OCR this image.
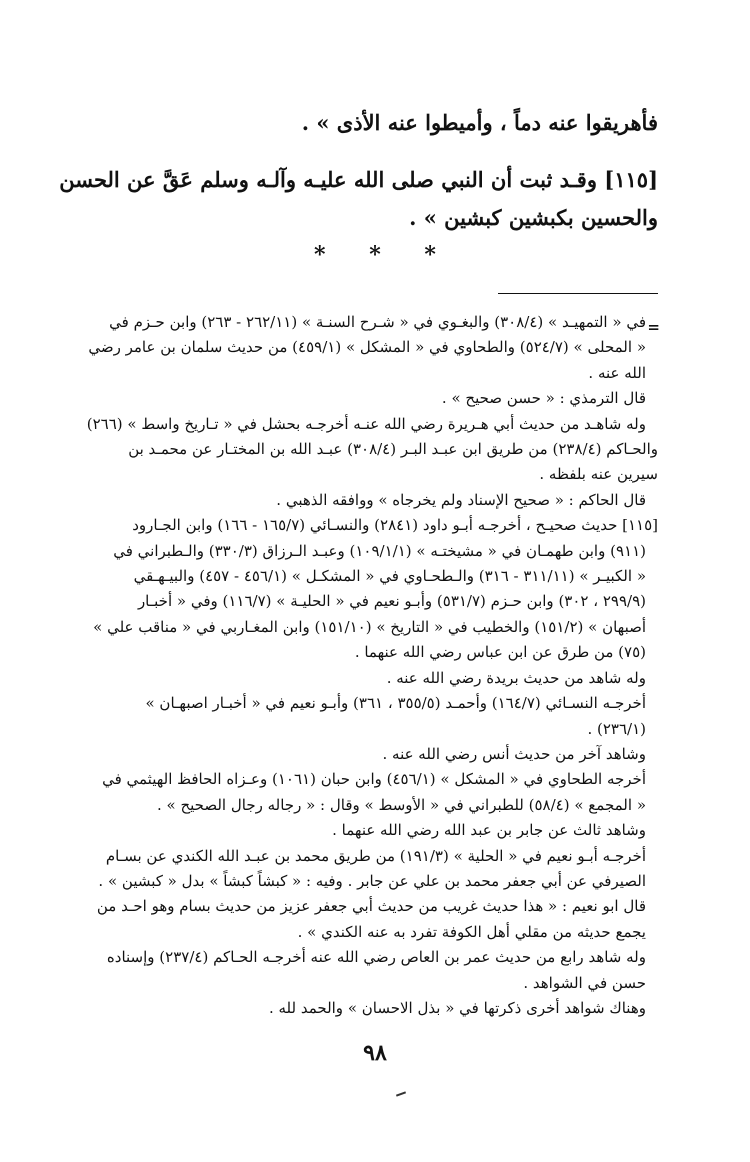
فأهريقوا عنه دماً ، وأميطوا عنه الأذى » .
[١١٥] وقـد ثبت أن النبي صلى الله عليـه وآلـه وسلم عَقَّ عن الحسن
والحسين بكبشين كبشين » .
* * *
=
في « التمهيـد » (٣٠٨/٤) والبغـوي في « شـرح السنـة » (٢٦٢/١١ - ٢٦٣) وابن حـزم في
« المحلى » (٥٢٤/٧) والطحاوي في « المشكل » (٤٥٩/١) من حديث سلمان بن عامر رضي
الله عنه .
قال الترمذي : « حسن صحيح » .
وله شاهـد من حديث أبي هـريرة رضي الله عنـه أخرجـه بحشل في « تـاريخ واسط » (٢٦٦)
والحـاكم (٢٣٨/٤) من طريق ابن عبـد البـر (٣٠٨/٤) عبـد الله بن المختـار عن محمـد بن
سيرين عنه بلفظه .
قال الحاكم : « صحيح الإسناد ولم يخرجاه » ووافقه الذهبي .
[١١٥] حديث صحيـح ، أخرجـه أبـو داود (٢٨٤١) والنسـائي (١٦٥/٧ - ١٦٦) وابن الجـارود
(٩١١) وابن طهمـان في « مشيختـه » (١٠٩/١/١) وعبـد الـرزاق (٣٣٠/٣) والـطبراني في
« الكبيـر » (٣١١/١١ - ٣١٦) والـطحـاوي في « المشكـل » (٤٥٦/١ - ٤٥٧) والبيـهـقي
(٢٩٩/٩ ، ٣٠٢) وابن حـزم (٥٣١/٧) وأبـو نعيم في « الحليـة » (١١٦/٧) وفي « أخبـار
أصبهان » (١٥١/٢) والخطيب في « التاريخ » (١٥١/١٠) وابن المغـاربي في « مناقب علي »
(٧٥) من طرق عن ابن عباس رضي الله عنهما .
وله شاهد من حديث بريدة رضي الله عنه .
أخرجـه النسـائي (١٦٤/٧) وأحمـد (٣٥٥/٥ ، ٣٦١) وأبـو نعيم في « أخبـار اصبهـان »
(٢٣٦/١) .
وشاهد آخر من حديث أنس رضي الله عنه .
أخرجه الطحاوي في « المشكل » (٤٥٦/١) وابن حبان (١٠٦١) وعـزاه الحافظ الهيثمي في
« المجمع » (٥٨/٤) للطبراني في « الأوسط » وقال : « رجاله رجال الصحيح » .
وشاهد ثالث عن جابر بن عبد الله رضي الله عنهما .
أخرجـه أبـو نعيم في « الحلية » (١٩١/٣) من طريق محمد بن عبـد الله الكندي عن بسـام
الصيرفي عن أبي جعفر محمد بن علي عن جابر . وفيه : « كبشاً كبشاً » بدل « كبشين » .
قال ابو نعيم : « هذا حديث غريب من حديث أبي جعفر عزيز من حديث بسام وهو احـد من
يجمع حديثه من مقلي أهل الكوفة تفرد به عنه الكندي » .
وله شاهد رابع من حديث عمر بن العاص رضي الله عنه أخرجـه الحـاكم (٢٣٧/٤) وإسناده
حسن في الشواهد .
وهناك شواهد أخرى ذكرتها في « بذل الاحسان » والحمد لله .
٩٨
